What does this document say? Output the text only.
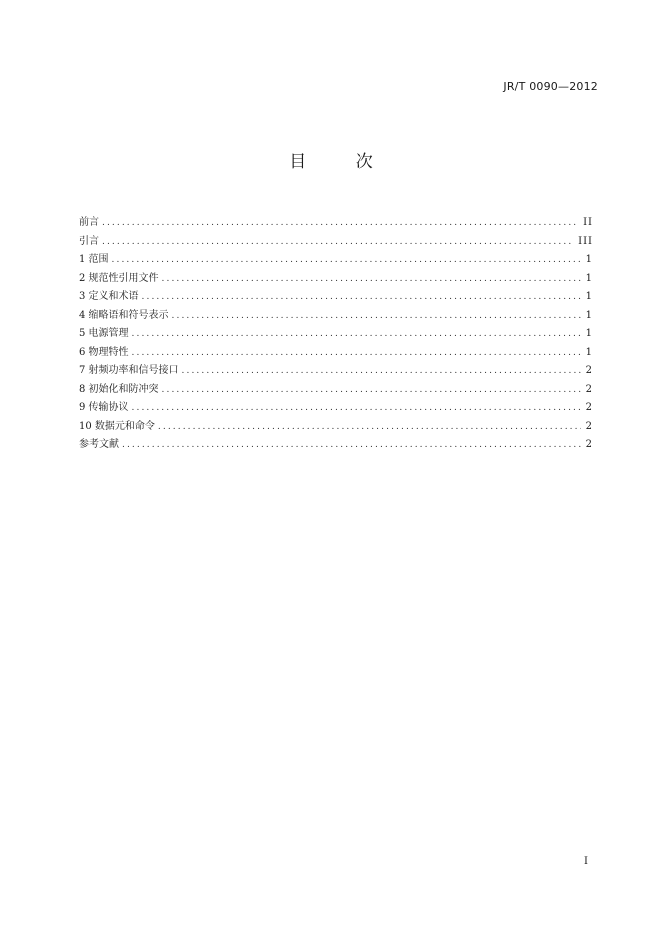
JR/T 0090—2012
目 次
前言 .....	II
引言 .....	III
1 范围 .....	1
2 规范性引用文件 .....	1
3 定义和术语 .....	1
4 缩略语和符号表示 .....	1
5 电源管理 .....	1
6 物理特性 .....	1
7 射频功率和信号接口 .....	2
8 初始化和防冲突 .....	2
9 传输协议 .....	2
10 数据元和命令 .....	2
参考文献 .....	2
I
